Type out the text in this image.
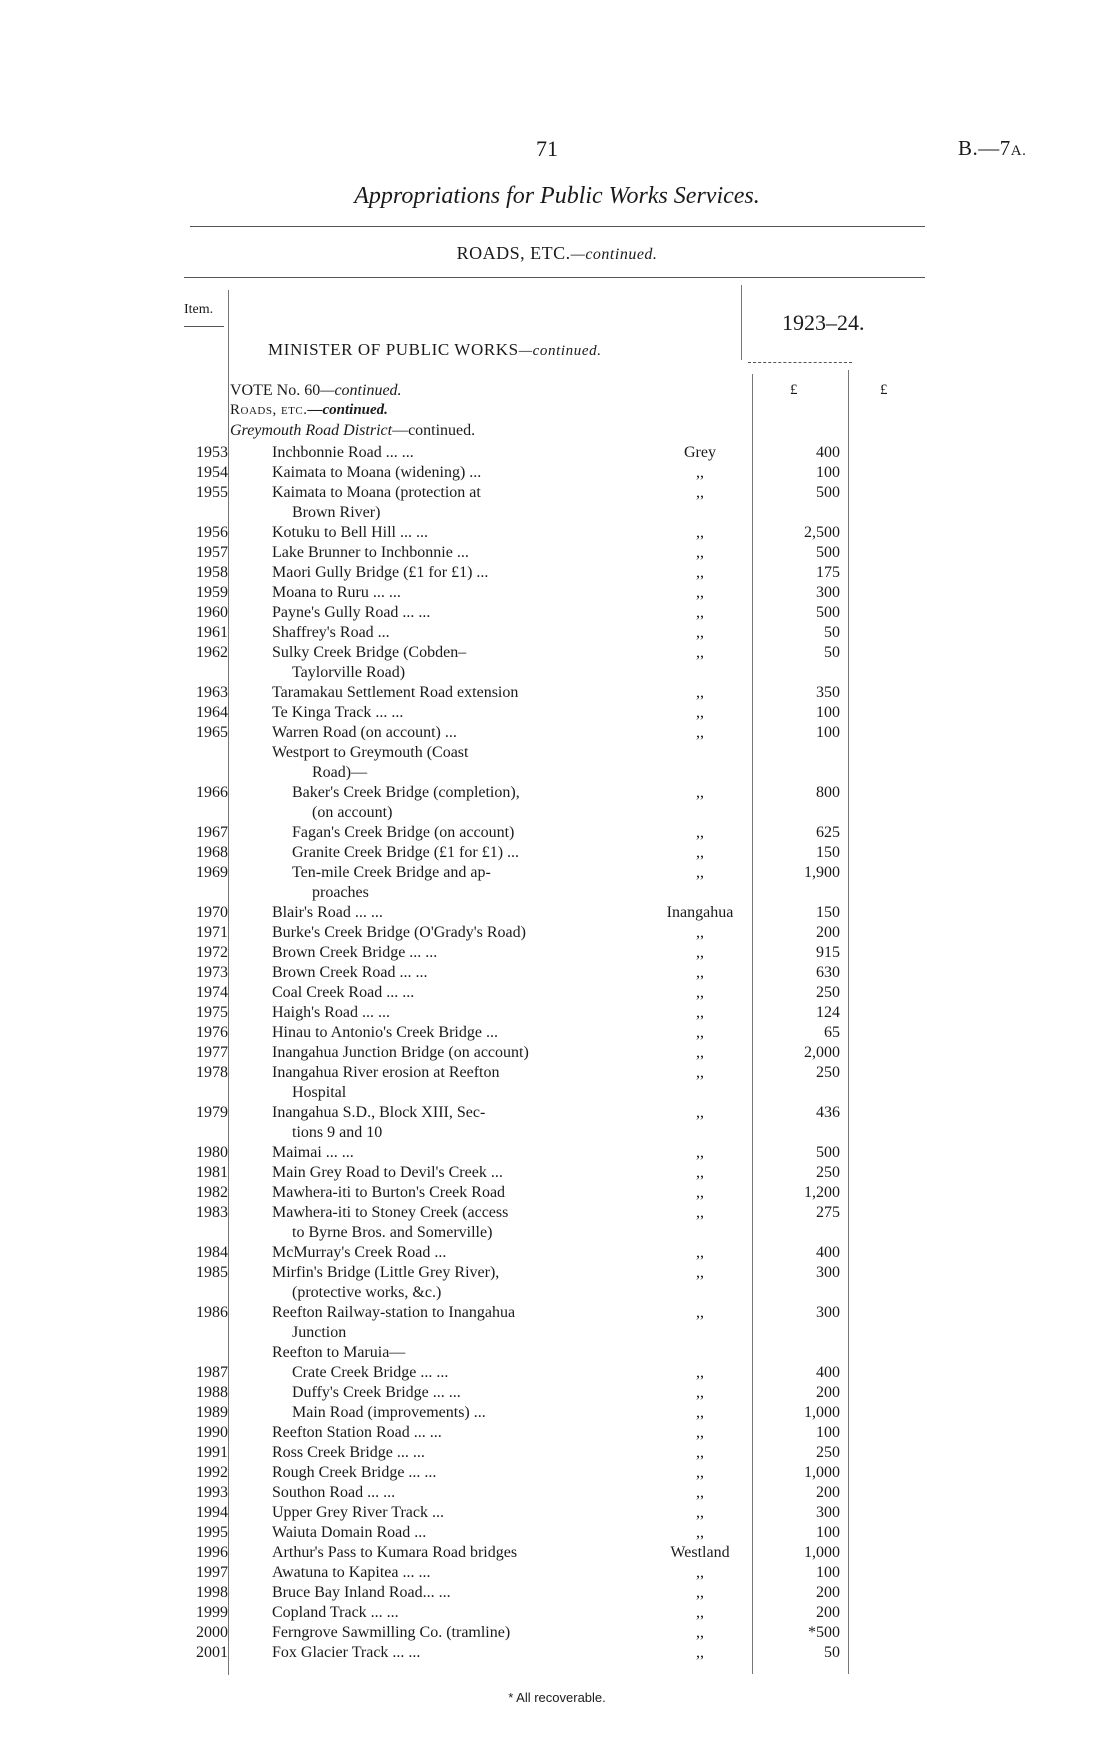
71	B.—7A.
Appropriations for Public Works Services.
ROADS, ETC.—continued.
Item.
1923–24.
MINISTER OF PUBLIC WORKS—continued.
£	£
VOTE No. 60—continued.
Roads, etc.—continued.
Greymouth Road District—continued.
1953	Inchbonnie Road ... ...	Grey	400
1954	Kaimata to Moana (widening) ...	,,	100
1955	Kaimata to Moana (protection at	,,	500
Brown River)
1956	Kotuku to Bell Hill ... ...	,,	2,500
1957	Lake Brunner to Inchbonnie ...	,,	500
1958	Maori Gully Bridge (£1 for £1) ...	,,	175
1959	Moana to Ruru ... ...	,,	300
1960	Payne's Gully Road ... ...	,,	500
1961	Shaffrey's Road ...	,,	50
1962	Sulky Creek Bridge (Cobden–	,,	50
Taylorville Road)
1963	Taramakau Settlement Road extension	,,	350
1964	Te Kinga Track ... ...	,,	100
1965	Warren Road (on account) ...	,,	100
Westport to Greymouth (Coast
Road)—
1966	Baker's Creek Bridge (completion),	,,	800
(on account)
1967	Fagan's Creek Bridge (on account)	,,	625
1968	Granite Creek Bridge (£1 for £1) ...	,,	150
1969	Ten-mile Creek Bridge and ap-	,,	1,900
proaches
1970	Blair's Road ... ...	Inangahua	150
1971	Burke's Creek Bridge (O'Grady's Road)	,,	200
1972	Brown Creek Bridge ... ...	,,	915
1973	Brown Creek Road ... ...	,,	630
1974	Coal Creek Road ... ...	,,	250
1975	Haigh's Road ... ...	,,	124
1976	Hinau to Antonio's Creek Bridge ...	,,	65
1977	Inangahua Junction Bridge (on account)	,,	2,000
1978	Inangahua River erosion at Reefton	,,	250
Hospital
1979	Inangahua S.D., Block XIII, Sec-	,,	436
tions 9 and 10
1980	Maimai ... ...	,,	500
1981	Main Grey Road to Devil's Creek ...	,,	250
1982	Mawhera-iti to Burton's Creek Road	,,	1,200
1983	Mawhera-iti to Stoney Creek (access	,,	275
to Byrne Bros. and Somerville)
1984	McMurray's Creek Road ...	,,	400
1985	Mirfin's Bridge (Little Grey River),	,,	300
(protective works, &c.)
1986	Reefton Railway-station to Inangahua	,,	300
Junction
Reefton to Maruia—
1987	Crate Creek Bridge ... ...	,,	400
1988	Duffy's Creek Bridge ... ...	,,	200
1989	Main Road (improvements) ...	,,	1,000
1990	Reefton Station Road ... ...	,,	100
1991	Ross Creek Bridge ... ...	,,	250
1992	Rough Creek Bridge ... ...	,,	1,000
1993	Southon Road ... ...	,,	200
1994	Upper Grey River Track ...	,,	300
1995	Waiuta Domain Road ...	,,	100
1996	Arthur's Pass to Kumara Road bridges	Westland	1,000
1997	Awatuna to Kapitea ... ...	,,	100
1998	Bruce Bay Inland Road... ...	,,	200
1999	Copland Track ... ...	,,	200
2000	Ferngrove Sawmilling Co. (tramline)	,,	*500
2001	Fox Glacier Track ... ...	,,	50
* All recoverable.
